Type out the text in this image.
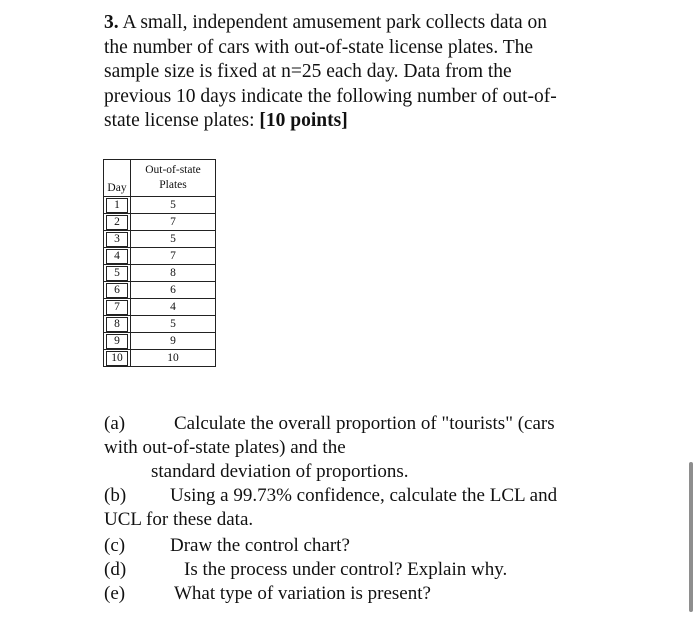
3. A small, independent amusement park collects data on
the number of cars with out-of-state license plates. The
sample size is fixed at n=25 each day. Data from the
previous 10 days indicate the following number of out-of-
state license plates: [10 points]
Day	Out-of-state
Plates
1	5
2	7
3	5
4	7
5	8
6	6
7	4
8	5
9	9
10	10
(a)	Calculate the overall proportion of "tourists" (cars
with out-of-state plates) and the
standard deviation of proportions.
(b) Using a 99.73% confidence, calculate the LCL and
UCL for these data.
(c) Draw the control chart?
(d)	Is the process under control? Explain why.
(e)	What type of variation is present?
